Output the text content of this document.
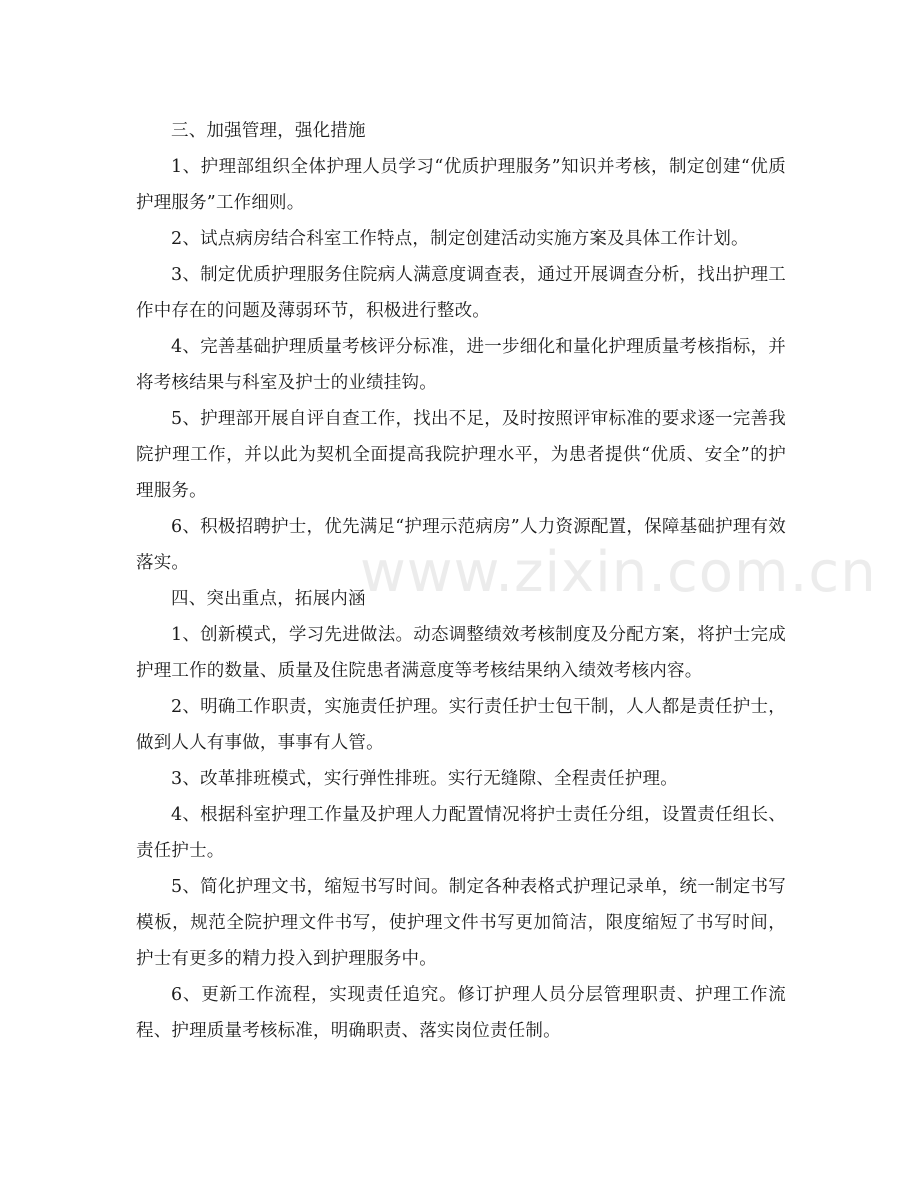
三、加强管理，强化措施

1、护理部组织全体护理人员学习“优质护理服务”知识并考核，制定创建“优质护理服务”工作细则。

2、试点病房结合科室工作特点，制定创建活动实施方案及具体工作计划。

3、制定优质护理服务住院病人满意度调查表，通过开展调查分析，找出护理工作中存在的问题及薄弱环节，积极进行整改。

4、完善基础护理质量考核评分标准，进一步细化和量化护理质量考核指标，并将考核结果与科室及护士的业绩挂钩。

5、护理部开展自评自查工作，找出不足，及时按照评审标准的要求逐一完善我院护理工作，并以此为契机全面提高我院护理水平，为患者提供“优质、安全”的护理服务。

6、积极招聘护士，优先满足“护理示范病房”人力资源配置，保障基础护理有效落实。

四、突出重点，拓展内涵

1、创新模式，学习先进做法。动态调整绩效考核制度及分配方案，将护士完成护理工作的数量、质量及住院患者满意度等考核结果纳入绩效考核内容。

2、明确工作职责，实施责任护理。实行责任护士包干制，人人都是责任护士，做到人人有事做，事事有人管。

3、改革排班模式，实行弹性排班。实行无缝隙、全程责任护理。

4、根据科室护理工作量及护理人力配置情况将护士责任分组，设置责任组长、责任护士。

5、简化护理文书，缩短书写时间。制定各种表格式护理记录单，统一制定书写模板，规范全院护理文件书写，使护理文件书写更加简洁，限度缩短了书写时间，护士有更多的精力投入到护理服务中。

6、更新工作流程，实现责任追究。修订护理人员分层管理职责、护理工作流程、护理质量考核标准，明确职责、落实岗位责任制。

www.zixin.com.cn
